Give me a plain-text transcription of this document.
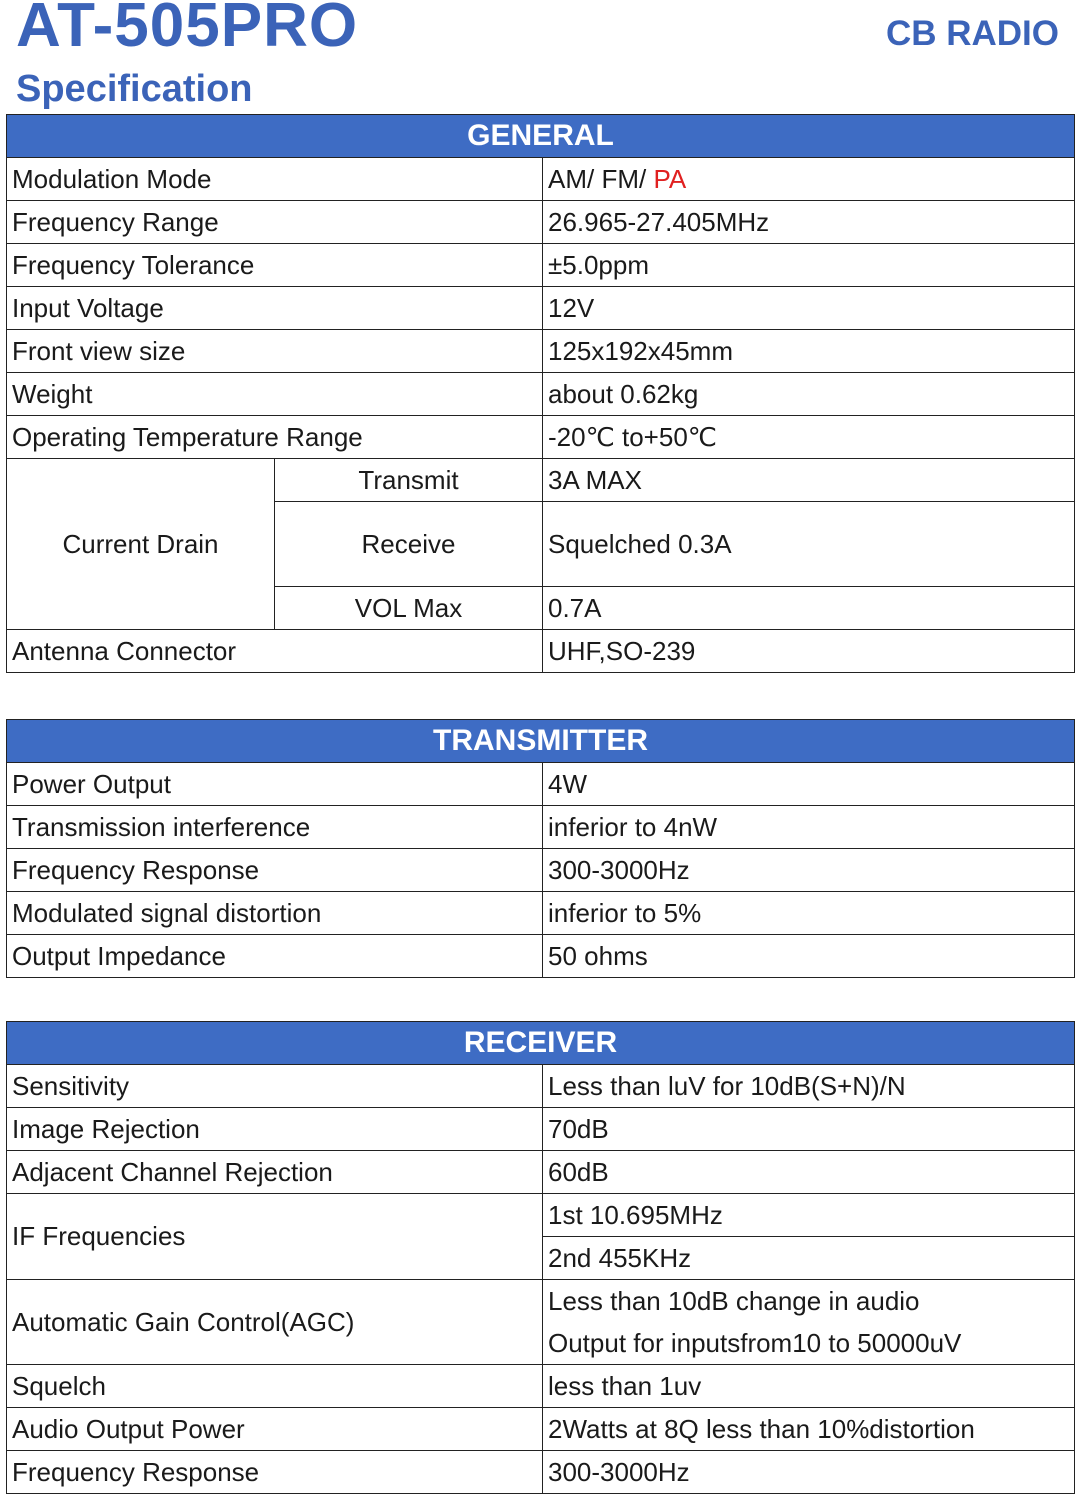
AT-505PRO
Specification
CB RADIO
GENERAL		
Modulation Mode		AM/ FM/ PA
Frequency Range		26.965-27.405MHz
Frequency Tolerance		±5.0ppm
Input Voltage		12V
Front view size		125x192x45mm
Weight		about 0.62kg
Operating Temperature Range		-20℃ to+50℃
Current Drain	Transmit	3A MAX
	Receive	Squelched 0.3A
	VOL Max	0.7A
Antenna Connector		UHF,SO-239
TRANSMITTER	
Power Output	4W
Transmission interference	inferior to 4nW
Frequency Response	300-3000Hz
Modulated signal distortion	inferior to 5%
Output Impedance	50 ohms
RECEIVER	
Sensitivity	Less than luV for 10dB(S+N)/N
Image Rejection	70dB
Adjacent Channel Rejection	60dB
IF Frequencies	1st 10.695MHz
	2nd 455KHz
Automatic Gain Control(AGC)	Less than 10dB change in audio
	Output for inputsfrom10 to 50000uV
Squelch	less than 1uv
Audio Output Power	2Watts at 8Q less than 10%distortion
Frequency Response	300-3000Hz
